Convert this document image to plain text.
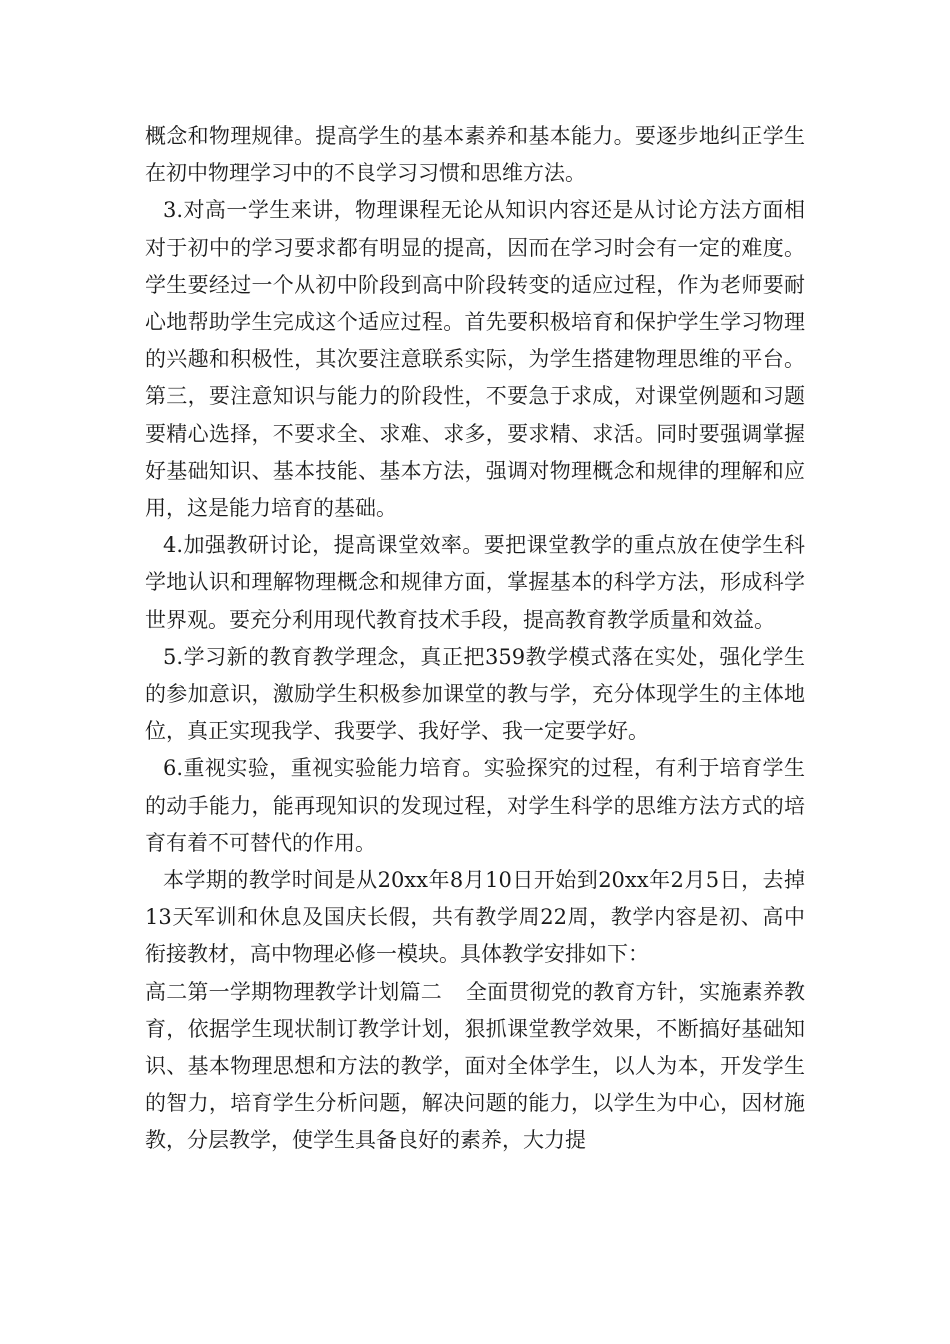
概念和物理规律。提高学生的基本素养和基本能力。要逐步地纠正学生在初中物理学习中的不良学习习惯和思维方法。

3.对高一学生来讲，物理课程无论从知识内容还是从讨论方法方面相对于初中的学习要求都有明显的提高，因而在学习时会有一定的难度。学生要经过一个从初中阶段到高中阶段转变的适应过程，作为老师要耐心地帮助学生完成这个适应过程。首先要积极培育和保护学生学习物理的兴趣和积极性，其次要注意联系实际，为学生搭建物理思维的平台。第三，要注意知识与能力的阶段性，不要急于求成，对课堂例题和习题要精心选择，不要求全、求难、求多，要求精、求活。同时要强调掌握好基础知识、基本技能、基本方法，强调对物理概念和规律的理解和应用，这是能力培育的基础。

4.加强教研讨论，提高课堂效率。要把课堂教学的重点放在使学生科学地认识和理解物理概念和规律方面，掌握基本的科学方法，形成科学世界观。要充分利用现代教育技术手段，提高教育教学质量和效益。

5.学习新的教育教学理念，真正把359教学模式落在实处，强化学生的参加意识，激励学生积极参加课堂的教与学，充分体现学生的主体地位，真正实现我学、我要学、我好学、我一定要学好。

6.重视实验，重视实验能力培育。实验探究的过程，有利于培育学生的动手能力，能再现知识的发现过程，对学生科学的思维方法方式的培育有着不可替代的作用。

本学期的教学时间是从20xx年8月10日开始到20xx年2月5日，去掉13天军训和休息及国庆长假，共有教学周22周，教学内容是初、高中衔接教材，高中物理必修一模块。具体教学安排如下：

高二第一学期物理教学计划篇二 全面贯彻党的教育方针，实施素养教育，依据学生现状制订教学计划，狠抓课堂教学效果，不断搞好基础知识、基本物理思想和方法的教学，面对全体学生，以人为本，开发学生的智力，培育学生分析问题，解决问题的能力，以学生为中心，因材施教，分层教学，使学生具备良好的素养，大力提
